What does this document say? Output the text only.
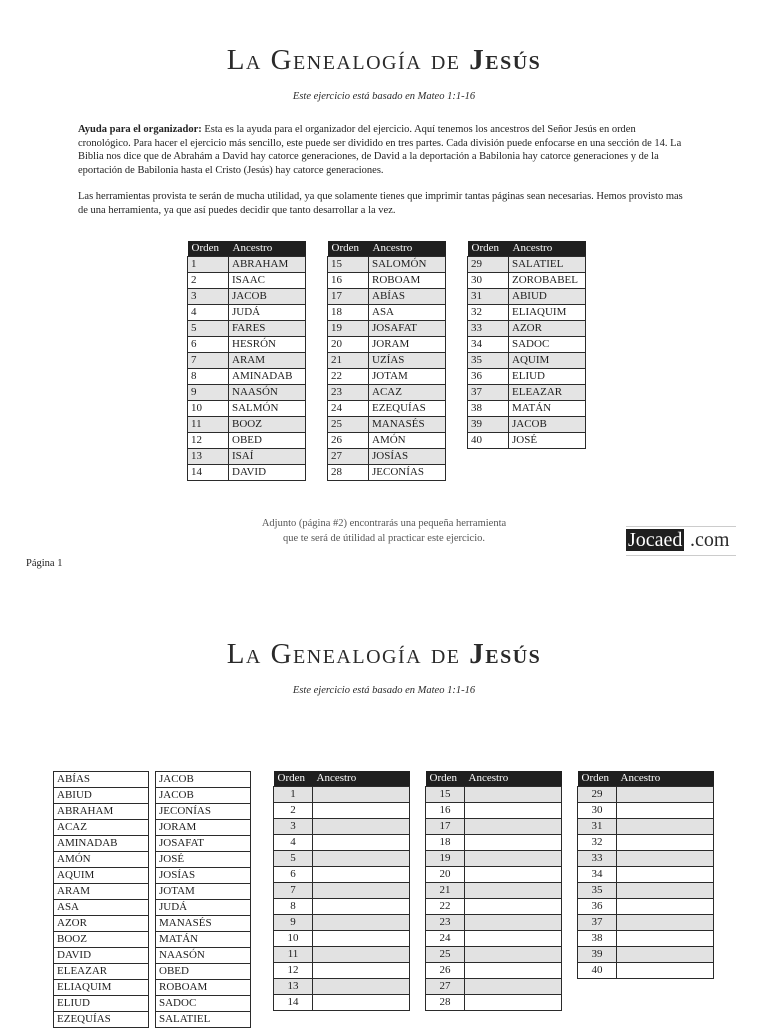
La Genealogía de Jesús
Este ejercicio está basado en Mateo 1:1-16

Ayuda para el organizador: Esta es la ayuda para el organizador del ejercicio. Aquí tenemos los ancestros del Señor Jesús en orden cronológico. Para hacer el ejercicio más sencillo, este puede ser dividido en tres partes. Cada división puede enfocarse en una sección de 14. La Biblia nos dice que de Abrahám a David hay catorce generaciones, de David a la deportación a Babilonia hay catorce generaciones y de la eportación de Babilonia hasta el Cristo (Jesús) hay catorce generaciones.

Las herramientas provista te serán de mucha utilidad, ya que solamente tienes que imprimir tantas páginas sean necesarias. Hemos provisto mas de una herramienta, ya que así puedes decidir que tanto desarrollar a la vez.

Orden	Ancestro
1	ABRAHAM
2	ISAAC
3	JACOB
4	JUDÁ
5	FARES
6	HESRÓN
7	ARAM
8	AMINADAB
9	NAASÓN
10	SALMÓN
11	BOOZ
12	OBED
13	ISAÍ
14	DAVID
Orden	Ancestro
15	SALOMÓN
16	ROBOAM
17	ABÍAS
18	ASA
19	JOSAFAT
20	JORAM
21	UZÍAS
22	JOTAM
23	ACAZ
24	EZEQUÍAS
25	MANASÉS
26	AMÓN
27	JOSÍAS
28	JECONÍAS
Orden	Ancestro
29	SALATIEL
30	ZOROBABEL
31	ABIUD
32	ELIAQUIM
33	AZOR
34	SADOC
35	AQUIM
36	ELIUD
37	ELEAZAR
38	MATÁN
39	JACOB
40	JOSÉ
Adjunto (página #2) encontrarás una pequeña herramienta
que te será de útilidad al practicar este ejercicio.	Jocaed .com
Página 1
La Genealogía de Jesús
Este ejercicio está basado en Mateo 1:1-16
ABÍAS
ABIUD
ABRAHAM
ACAZ
AMINADAB
AMÓN
AQUIM
ARAM
ASA
AZOR
BOOZ
DAVID
ELEAZAR
ELIAQUIM
ELIUD
EZEQUÍAS
JACOB
JACOB
JECONÍAS
JORAM
JOSAFAT
JOSÉ
JOSÍAS
JOTAM
JUDÁ
MANASÉS
MATÁN
NAASÓN
OBED
ROBOAM
SADOC
SALATIEL
Orden	Ancestro
1	
2	
3	
4	
5	
6	
7	
8	
9	
10	
11	
12	
13	
14	
Orden	Ancestro
15	
16	
17	
18	
19	
20	
21	
22	
23	
24	
25	
26	
27	
28	
Orden	Ancestro
29	
30	
31	
32	
33	
34	
35	
36	
37	
38	
39	
40	
